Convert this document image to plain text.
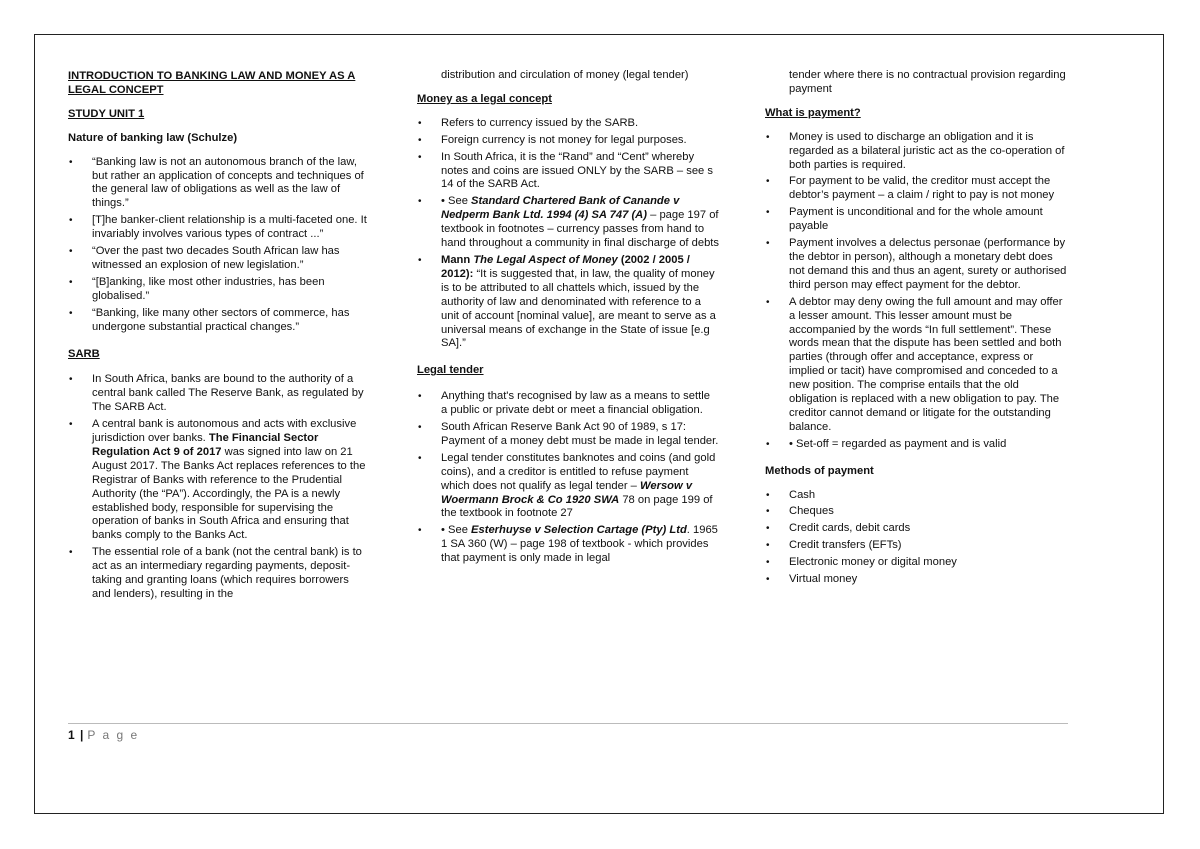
INTRODUCTION TO BANKING LAW AND MONEY AS A LEGAL CONCEPT

STUDY UNIT 1

Nature of banking law (Schulze)

• “Banking law is not an autonomous branch of the law, but rather an application of concepts and techniques of the general law of obligations as well as the law of things.”
• [T]he banker-client relationship is a multi-faceted one. It invariably involves various types of contract ...”
• “Over the past two decades South African law has witnessed an explosion of new legislation.”
• “[B]anking, like most other industries, has been globalised.”
• “Banking, like many other sectors of commerce, has undergone substantial practical changes.”

SARB

• In South Africa, banks are bound to the authority of a central bank called The Reserve Bank, as regulated by The SARB Act.
• A central bank is autonomous and acts with exclusive jurisdiction over banks. The Financial Sector Regulation Act 9 of 2017 was signed into law on 21 August 2017. The Banks Act replaces references to the Registrar of Banks with reference to the Prudential Authority (the “PA”). Accordingly, the PA is a newly established body, responsible for supervising the operation of banks in South Africa and ensuring that banks comply to the Banks Act.
• The essential role of a bank (not the central bank) is to act as an intermediary regarding payments, deposit-taking and granting loans (which requires borrowers and lenders), resulting in the

distribution and circulation of money (legal tender)

Money as a legal concept

• Refers to currency issued by the SARB.
• Foreign currency is not money for legal purposes.
• In South Africa, it is the “Rand” and “Cent” whereby notes and coins are issued ONLY by the SARB – see s 14 of the SARB Act.
• • See Standard Chartered Bank of Canande v Nedperm Bank Ltd. 1994 (4) SA 747 (A) – page 197 of textbook in footnotes – currency passes from hand to hand throughout a community in final discharge of debts
• Mann The Legal Aspect of Money (2002 / 2005 / 2012): “It is suggested that, in law, the quality of money is to be attributed to all chattels which, issued by the authority of law and denominated with reference to a unit of account [nominal value], are meant to serve as a universal means of exchange in the State of issue [e.g SA].”

Legal tender

• Anything that's recognised by law as a means to settle a public or private debt or meet a financial obligation.
• South African Reserve Bank Act 90 of 1989, s 17: Payment of a money debt must be made in legal tender.
• Legal tender constitutes banknotes and coins (and gold coins), and a creditor is entitled to refuse payment which does not qualify as legal tender – Wersow v Woermann Brock & Co 1920 SWA 78 on page 199 of the textbook in footnote 27
• • See Esterhuyse v Selection Cartage (Pty) Ltd. 1965 1 SA 360 (W) – page 198 of textbook - which provides that payment is only made in legal

tender where there is no contractual provision regarding payment

What is payment?

• Money is used to discharge an obligation and it is regarded as a bilateral juristic act as the co-operation of both parties is required.
• For payment to be valid, the creditor must accept the debtor’s payment – a claim / right to pay is not money
• Payment is unconditional and for the whole amount payable
• Payment involves a delectus personae (performance by the debtor in person), although a monetary debt does not demand this and thus an agent, surety or authorised third person may effect payment for the debtor.
• A debtor may deny owing the full amount and may offer a lesser amount. This lesser amount must be accompanied by the words “In full settlement”. These words mean that the dispute has been settled and both parties (through offer and acceptance, express or implied or tacit) have compromised and conceded to a new position. The comprise entails that the old obligation is replaced with a new obligation to pay. The creditor cannot demand or litigate for the outstanding balance.
• • Set-off = regarded as payment and is valid

Methods of payment

• Cash
• Cheques
• Credit cards, debit cards
• Credit transfers (EFTs)
• Electronic money or digital money
• Virtual money
1 | P a g e
